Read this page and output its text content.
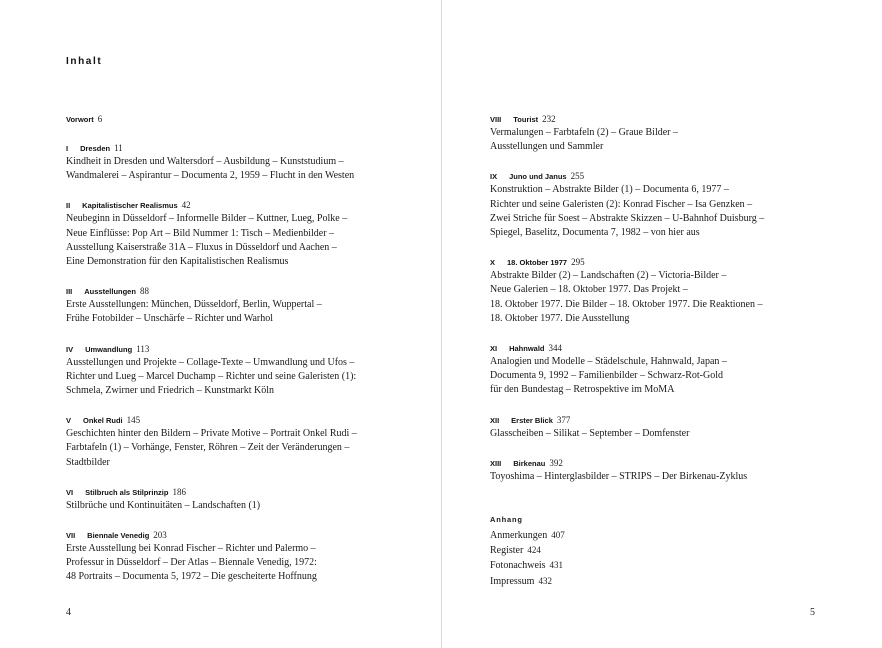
Inhalt
Vorwort 6
I Dresden 11
Kindheit in Dresden und Waltersdorf – Ausbildung – Kunststudium –
Wandmalerei – Aspirantur – Documenta 2, 1959 – Flucht in den Westen
II Kapitalistischer Realismus 42
Neubeginn in Düsseldorf – Informelle Bilder – Kuttner, Lueg, Polke –
Neue Einflüsse: Pop Art – Bild Nummer 1: Tisch – Medienbilder –
Ausstellung Kaiserstraße 31A – Fluxus in Düsseldorf und Aachen –
Eine Demonstration für den Kapitalistischen Realismus
III Ausstellungen 88
Erste Ausstellungen: München, Düsseldorf, Berlin, Wuppertal –
Frühe Fotobilder – Unschärfe – Richter und Warhol
IV Umwandlung 113
Ausstellungen und Projekte – Collage-Texte – Umwandlung und Ufos –
Richter und Lueg – Marcel Duchamp – Richter und seine Galeristen (1):
Schmela, Zwirner und Friedrich – Kunstmarkt Köln
V Onkel Rudi 145
Geschichten hinter den Bildern – Private Motive – Portrait Onkel Rudi –
Farbtafeln (1) – Vorhänge, Fenster, Röhren – Zeit der Veränderungen –
Stadtbilder
VI Stilbruch als Stilprinzip 186
Stilbrüche und Kontinuitäten – Landschaften (1)
VII Biennale Venedig 203
Erste Ausstellung bei Konrad Fischer – Richter und Palermo –
Professur in Düsseldorf – Der Atlas – Biennale Venedig, 1972:
48 Portraits – Documenta 5, 1972 – Die gescheiterte Hoffnung
VIII Tourist 232
Vermalungen – Farbtafeln (2) – Graue Bilder –
Ausstellungen und Sammler
IX Juno und Janus 255
Konstruktion – Abstrakte Bilder (1) – Documenta 6, 1977 –
Richter und seine Galeristen (2): Konrad Fischer – Isa Genzken –
Zwei Striche für Soest – Abstrakte Skizzen – U-Bahnhof Duisburg –
Spiegel, Baselitz, Documenta 7, 1982 – von hier aus
X 18. Oktober 1977 295
Abstrakte Bilder (2) – Landschaften (2) – Victoria-Bilder –
Neue Galerien – 18. Oktober 1977. Das Projekt –
18. Oktober 1977. Die Bilder – 18. Oktober 1977. Die Reaktionen –
18. Oktober 1977. Die Ausstellung
XI Hahnwald 344
Analogien und Modelle – Städelschule, Hahnwald, Japan –
Documenta 9, 1992 – Familienbilder – Schwarz-Rot-Gold
für den Bundestag – Retrospektive im MoMA
XII Erster Blick 377
Glasscheiben – Silikat – September – Domfenster
XIII Birkenau 392
Toyoshima – Hinterglasbilder – STRIPS – Der Birkenau-Zyklus
Anhang
Anmerkungen 407
Register 424
Fotonachweis 431
Impressum 432
4	5
